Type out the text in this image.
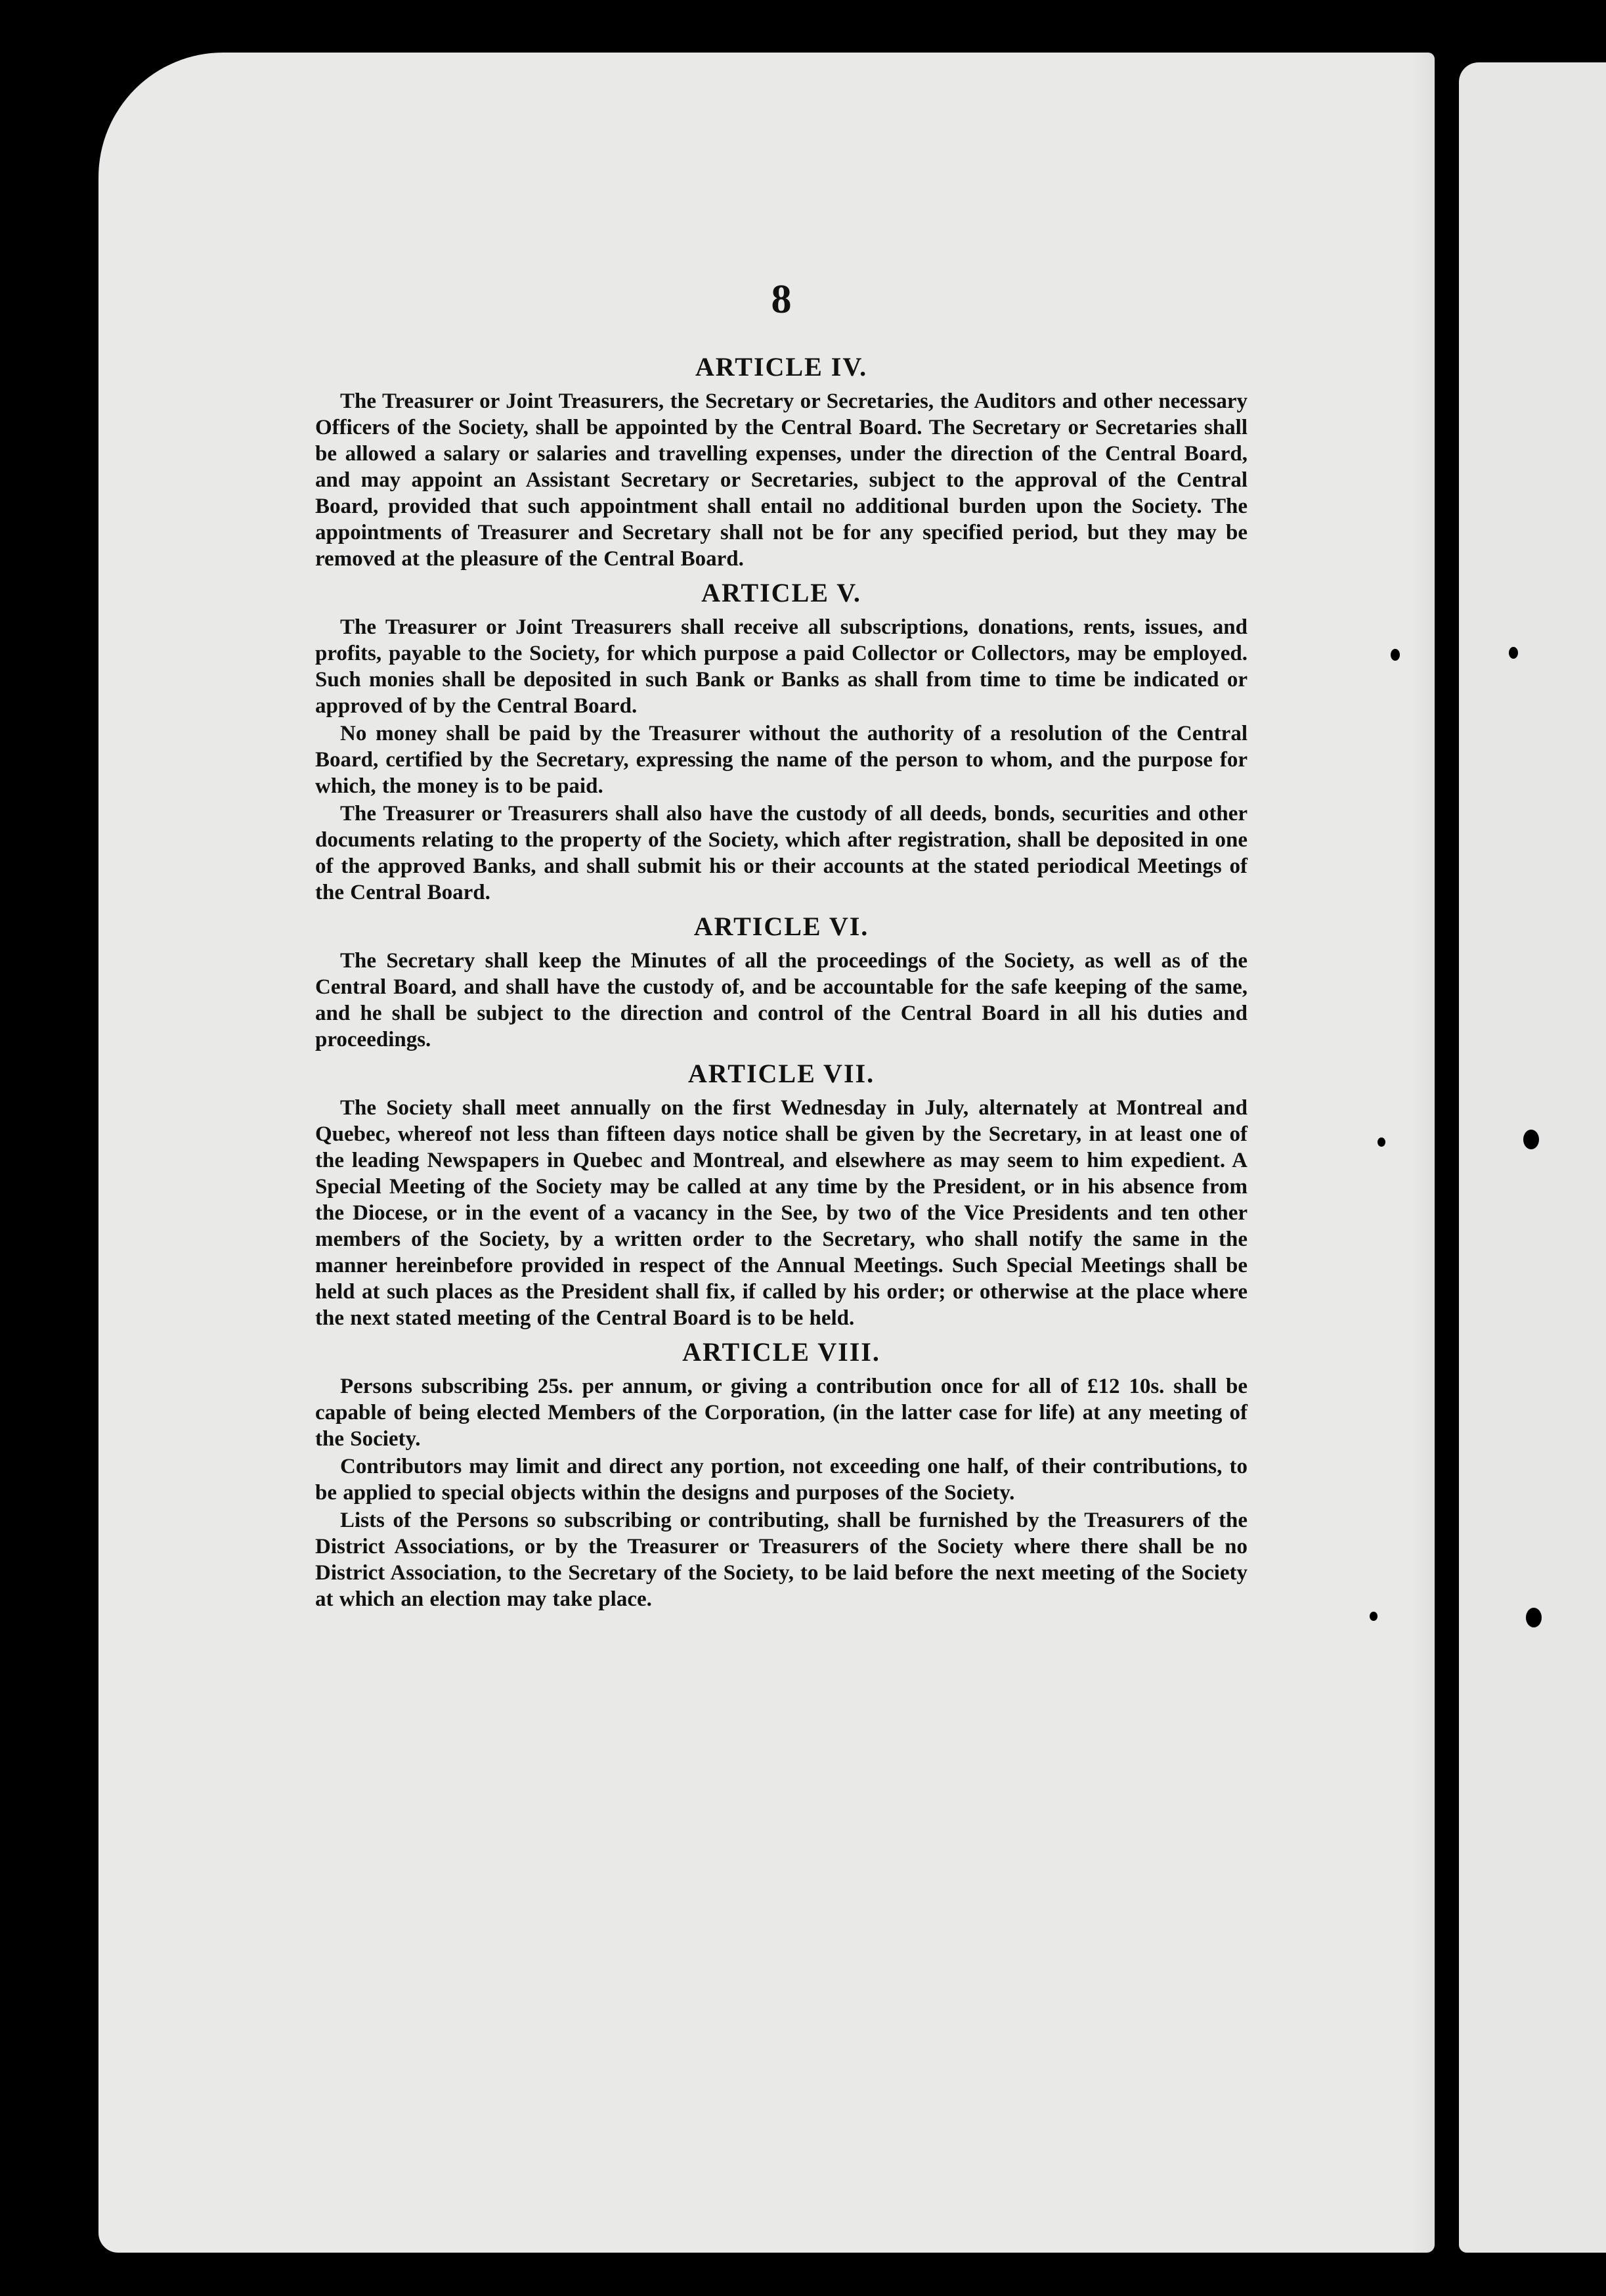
8
ARTICLE IV.

The Treasurer or Joint Treasurers, the Secretary or Secretaries, the Auditors and other necessary Officers of the Society, shall be appointed by the Central Board. The Secretary or Secretaries shall be allowed a salary or salaries and travelling expenses, under the direction of the Central Board, and may appoint an Assistant Secretary or Secretaries, subject to the approval of the Central Board, provided that such appointment shall entail no additional burden upon the Society. The appointments of Treasurer and Secretary shall not be for any specified period, but they may be removed at the pleasure of the Central Board.

ARTICLE V.

The Treasurer or Joint Treasurers shall receive all subscriptions, donations, rents, issues, and profits, payable to the Society, for which purpose a paid Collector or Collectors, may be employed. Such monies shall be deposited in such Bank or Banks as shall from time to time be indicated or approved of by the Central Board.

No money shall be paid by the Treasurer without the authority of a resolution of the Central Board, certified by the Secretary, expressing the name of the person to whom, and the purpose for which, the money is to be paid.

The Treasurer or Treasurers shall also have the custody of all deeds, bonds, securities and other documents relating to the property of the Society, which after registration, shall be deposited in one of the approved Banks, and shall submit his or their accounts at the stated periodical Meetings of the Central Board.

ARTICLE VI.

The Secretary shall keep the Minutes of all the proceedings of the Society, as well as of the Central Board, and shall have the custody of, and be accountable for the safe keeping of the same, and he shall be subject to the direction and control of the Central Board in all his duties and proceedings.

ARTICLE VII.

The Society shall meet annually on the first Wednesday in July, alternately at Montreal and Quebec, whereof not less than fifteen days notice shall be given by the Secretary, in at least one of the leading Newspapers in Quebec and Montreal, and elsewhere as may seem to him expedient. A Special Meeting of the Society may be called at any time by the President, or in his absence from the Diocese, or in the event of a vacancy in the See, by two of the Vice Presidents and ten other members of the Society, by a written order to the Secretary, who shall notify the same in the manner hereinbefore provided in respect of the Annual Meetings. Such Special Meetings shall be held at such places as the President shall fix, if called by his order; or otherwise at the place where the next stated meeting of the Central Board is to be held.

ARTICLE VIII.

Persons subscribing 25s. per annum, or giving a contribution once for all of £12 10s. shall be capable of being elected Members of the Corporation, (in the latter case for life) at any meeting of the Society.

Contributors may limit and direct any portion, not exceeding one half, of their contributions, to be applied to special objects within the designs and purposes of the Society.

Lists of the Persons so subscribing or contributing, shall be furnished by the Treasurers of the District Associations, or by the Treasurer or Treasurers of the Society where there shall be no District Association, to the Secretary of the Society, to be laid before the next meeting of the Society at which an election may take place.
